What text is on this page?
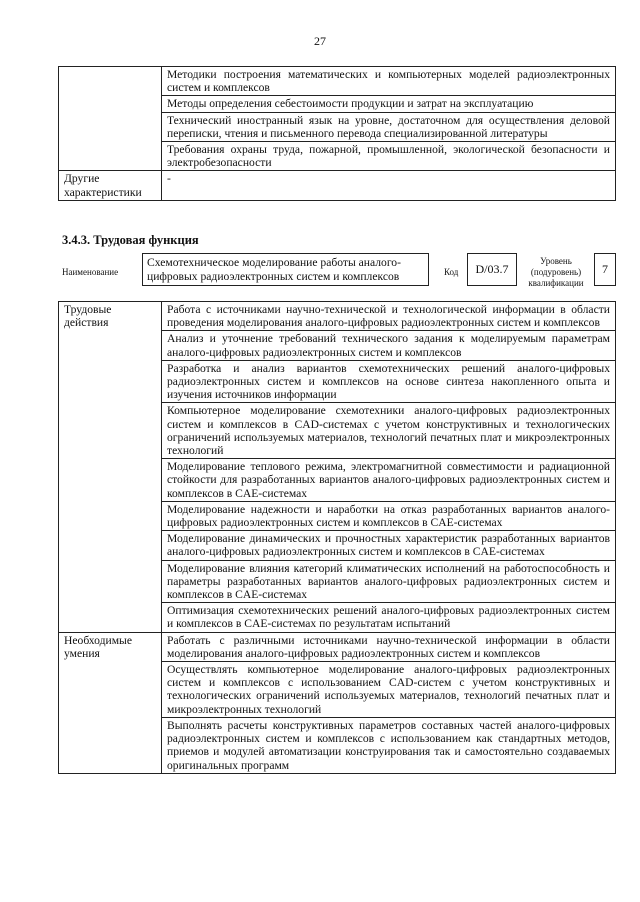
27
	Методики построения математических и компьютерных моделей радиоэлектронных систем и комплексов
	Методы определения себестоимости продукции и затрат на эксплуатацию
	Технический иностранный язык на уровне, достаточном для осуществления деловой переписки, чтения и письменного перевода специализированной литературы
	Требования охраны труда, пожарной, промышленной, экологической безопасности и электробезопасности
Другие характеристики	-
3.4.3. Трудовая функция
Наименование
Схемотехническое моделирование работы аналого-цифровых радиоэлектронных систем и комплексов	Код	D/03.7
Уровень (подуровень) квалификации
7
Трудовые действия	Работа с источниками научно-технической и технологической информации в области проведения моделирования аналого-цифровых радиоэлектронных систем и комплексов
	Анализ и уточнение требований технического задания к моделируемым параметрам аналого-цифровых радиоэлектронных систем и комплексов
	Разработка и анализ вариантов схемотехнических решений аналого-цифровых радиоэлектронных систем и комплексов на основе синтеза накопленного опыта и изучения источников информации
	Компьютерное моделирование схемотехники аналого-цифровых радиоэлектронных систем и комплексов в CAD-системах с учетом конструктивных и технологических ограничений используемых материалов, технологий печатных плат и микроэлектронных технологий
	Моделирование теплового режима, электромагнитной совместимости и радиационной стойкости для разработанных вариантов аналого-цифровых радиоэлектронных систем и комплексов в CAE-системах
	Моделирование надежности и наработки на отказ разработанных вариантов аналого-цифровых радиоэлектронных систем и комплексов в CAE-системах
	Моделирование динамических и прочностных характеристик разработанных вариантов аналого-цифровых радиоэлектронных систем и комплексов в CAE-системах
	Моделирование влияния категорий климатических исполнений на работоспособность и параметры разработанных вариантов аналого-цифровых радиоэлектронных систем и комплексов в CAE-системах
	Оптимизация схемотехнических решений аналого-цифровых радиоэлектронных систем и комплексов в CAE-системах по результатам испытаний
Необходимые умения	Работать с различными источниками научно-технической информации в области моделирования аналого-цифровых радиоэлектронных систем и комплексов
	Осуществлять компьютерное моделирование аналого-цифровых радиоэлектронных систем и комплексов с использованием CAD-систем с учетом конструктивных и технологических ограничений используемых материалов, технологий печатных плат и микроэлектронных технологий
	Выполнять расчеты конструктивных параметров составных частей аналого-цифровых радиоэлектронных систем и комплексов с использованием как стандартных методов, приемов и модулей автоматизации конструирования так и самостоятельно создаваемых оригинальных программ
